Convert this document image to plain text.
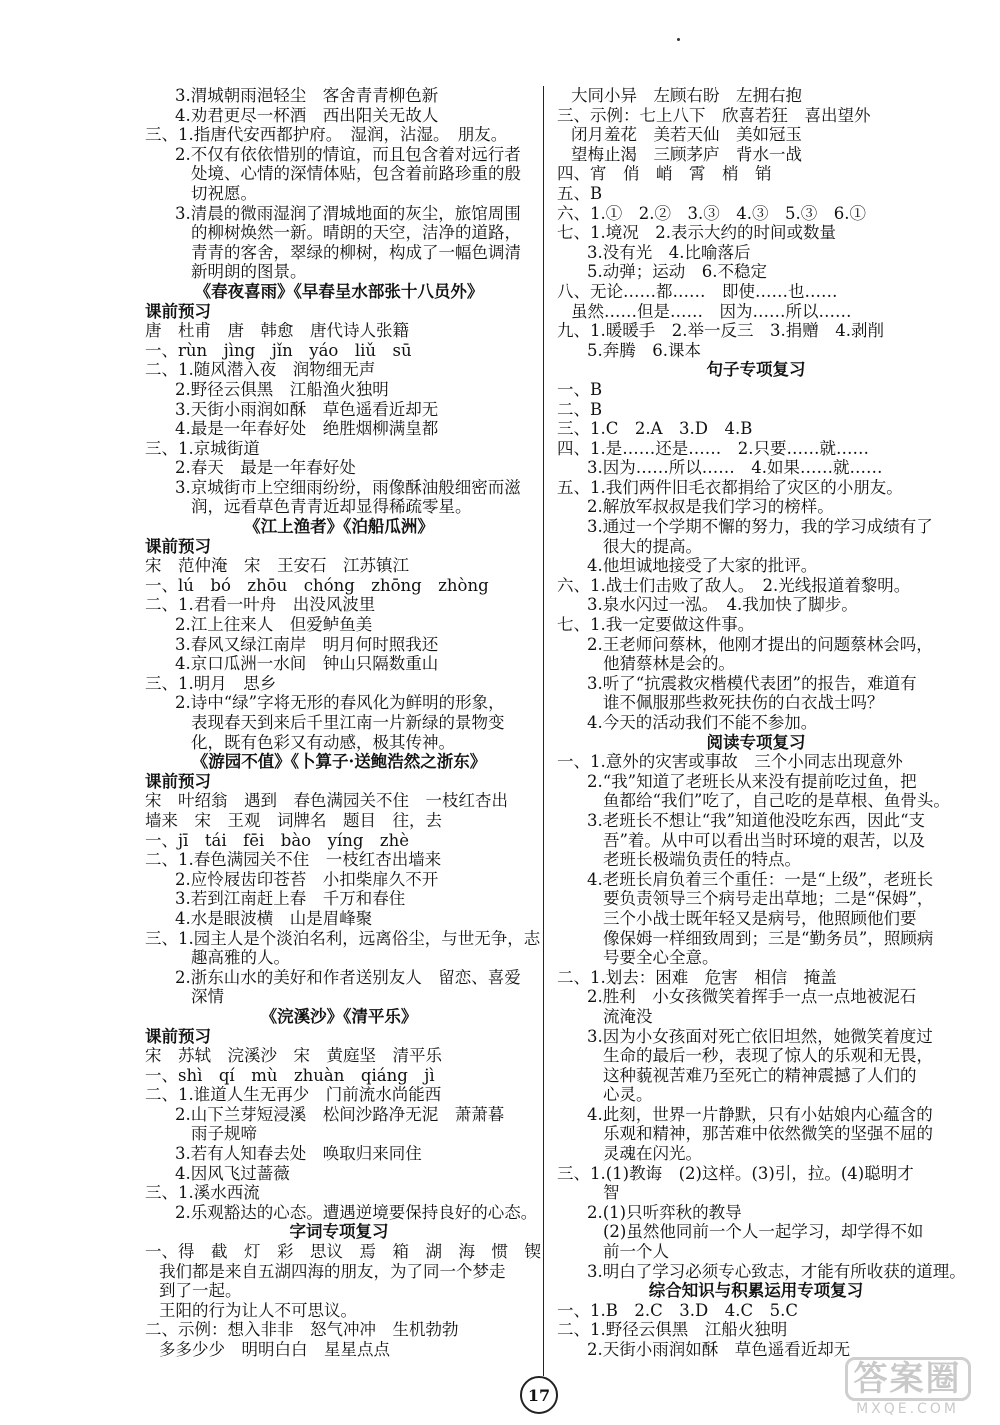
3.渭城朝雨浥轻尘　客舍青青柳色新
4.劝君更尽一杯酒　西出阳关无故人
三、1.指唐代安西都护府。　湿润，沾湿。　朋友。
2.不仅有依依惜别的情谊，而且包含着对远行者
处境、心情的深情体贴，包含着前路珍重的殷
切祝愿。
3.清晨的微雨湿润了渭城地面的灰尘，旅馆周围
的柳树焕然一新。晴朗的天空，洁净的道路，
青青的客舍，翠绿的柳树，构成了一幅色调清
新明朗的图景。
《春夜喜雨》《早春呈水部张十八员外》
课前预习
唐　杜甫　唐　韩愈　唐代诗人张籍
一、rùn　jìng　jǐn　yáo　liǔ　sū
二、1.随风潜入夜　润物细无声
2.野径云俱黑　江船渔火独明
3.天街小雨润如酥　草色遥看近却无
4.最是一年春好处　绝胜烟柳满皇都
三、1.京城街道
2.春天　最是一年春好处
3.京城街市上空细雨纷纷，雨像酥油般细密而滋
润，远看草色青青近却显得稀疏零星。
《江上渔者》《泊船瓜洲》
课前预习
宋　范仲淹　宋　王安石　江苏镇江
一、lú　bó　zhōu　chóng　zhōng　zhòng
二、1.君看一叶舟　出没风波里
2.江上往来人　但爱鲈鱼美
3.春风又绿江南岸　明月何时照我还
4.京口瓜洲一水间　钟山只隔数重山
三、1.明月　思乡
2.诗中“绿”字将无形的春风化为鲜明的形象，
表现春天到来后千里江南一片新绿的景物变
化，既有色彩又有动感，极其传神。
《游园不值》《卜算子·送鲍浩然之浙东》
课前预习
宋　叶绍翁　遇到　春色满园关不住　一枝红杏出
墙来　宋　王观　词牌名　题目　往，去
一、jī　tái　fēi　bào　yíng　zhè
二、1.春色满园关不住　一枝红杏出墙来
2.应怜屐齿印苍苔　小扣柴扉久不开
3.若到江南赶上春　千万和春住
4.水是眼波横　山是眉峰聚
三、1.园主人是个淡泊名利，远离俗尘，与世无争，志
趣高雅的人。
2.浙东山水的美好和作者送别友人　留恋、喜爱
深情
《浣溪沙》《清平乐》
课前预习
宋　苏轼　浣溪沙　宋　黄庭坚　清平乐
一、shì　qí　mù　zhuàn　qiáng　jì
二、1.谁道人生无再少　门前流水尚能西
2.山下兰芽短浸溪　松间沙路净无泥　萧萧暮
雨子规啼
3.若有人知春去处　唤取归来同住
4.因风飞过蔷薇
三、1.溪水西流
2.乐观豁达的心态。遭遇逆境要保持良好的心态。
字词专项复习
一、得　截　灯　彩　思议　焉　箱　湖　海　惯　锲
我们都是来自五湖四海的朋友，为了同一个梦走
到了一起。
王阳的行为让人不可思议。
二、示例：想入非非　怒气冲冲　生机勃勃
多多少少　明明白白　星星点点
大同小异　左顾右盼　左拥右抱
三、示例：七上八下　欣喜若狂　喜出望外
闭月羞花　美若天仙　美如冠玉
望梅止渴　三顾茅庐　背水一战
四、宵　俏　峭　霄　梢　销
五、B
六、1.①　2.②　3.③　4.③　5.③　6.①
七、1.境况　2.表示大约的时间或数量
3.没有光　4.比喻落后
5.动弹；运动　6.不稳定
八、无论……都……　即使……也……
虽然……但是……　因为……所以……
九、1.暖暖手　2.举一反三　3.捐赠　4.剥削
5.奔腾　6.课本
句子专项复习
一、B
二、B
三、1.C　2.A　3.D　4.B
四、1.是……还是……　2.只要……就……
3.因为……所以……　4.如果……就……
五、1.我们两件旧毛衣都捐给了灾区的小朋友。
2.解放军叔叔是我们学习的榜样。
3.通过一个学期不懈的努力，我的学习成绩有了
很大的提高。
4.他坦诚地接受了大家的批评。
六、1.战士们击败了敌人。　2.光线报道着黎明。
3.泉水闪过一泓。　4.我加快了脚步。
七、1.我一定要做这件事。
2.王老师问蔡林，他刚才提出的问题蔡林会吗，
他猜蔡林是会的。
3.听了“抗震救灾楷模代表团”的报告，难道有
谁不佩服那些救死扶伤的白衣战士吗？
4.今天的活动我们不能不参加。
阅读专项复习
一、1.意外的灾害或事故　三个小同志出现意外
2.“我”知道了老班长从来没有提前吃过鱼，把
鱼都给“我们”吃了，自己吃的是草根、鱼骨头。
3.老班长不想让“我”知道他没吃东西，因此“支
吾”着。从中可以看出当时环境的艰苦，以及
老班长极端负责任的特点。
4.老班长肩负着三个重任：一是“上级”，老班长
要负责领导三个病号走出草地；二是“保姆”，
三个小战士既年轻又是病号，他照顾他们要
像保姆一样细致周到；三是“勤务员”，照顾病
号要全心全意。
二、1.划去：困难　危害　相信　掩盖
2.胜利　小女孩微笑着挥手一点一点地被泥石
流淹没
3.因为小女孩面对死亡依旧坦然，她微笑着度过
生命的最后一秒，表现了惊人的乐观和无畏，
这种藐视苦难乃至死亡的精神震撼了人们的
心灵。
4.此刻，世界一片静默，只有小姑娘内心蕴含的
乐观和精神，那苦难中依然微笑的坚强不屈的
灵魂在闪光。
三、1.(1)教诲　(2)这样。(3)引，拉。(4)聪明才
智
2.(1)只听弈秋的教导
(2)虽然他同前一个人一起学习，却学得不如
前一个人
3.明白了学习必须专心致志，才能有所收获的道理。
综合知识与积累运用专项复习
一、1.B　2.C　3.D　4.C　5.C
二、1.野径云俱黑　江船火独明
2.天街小雨润如酥　草色遥看近却无
17	答案圈
MXQE.COM
